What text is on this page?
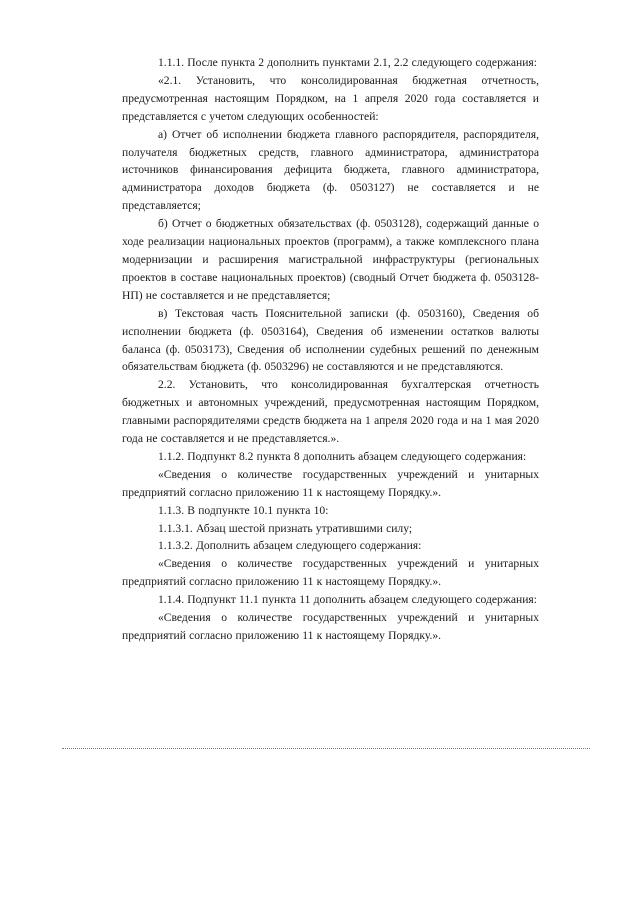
1.1.1. После пункта 2 дополнить пунктами 2.1, 2.2 следующего содержания:

«2.1. Установить, что консолидированная бюджетная отчетность, предусмотренная настоящим Порядком, на 1 апреля 2020 года составляется и представляется с учетом следующих особенностей:

а) Отчет об исполнении бюджета главного распорядителя, распорядителя, получателя бюджетных средств, главного администратора, администратора источников финансирования дефицита бюджета, главного администратора, администратора доходов бюджета (ф. 0503127) не составляется и не представляется;

б) Отчет о бюджетных обязательствах (ф. 0503128), содержащий данные о ходе реализации национальных проектов (программ), а также комплексного плана модернизации и расширения магистральной инфраструктуры (региональных проектов в составе национальных проектов) (сводный Отчет бюджета ф. 0503128-НП) не составляется и не представляется;

в) Текстовая часть Пояснительной записки (ф. 0503160), Сведения об исполнении бюджета (ф. 0503164), Сведения об изменении остатков валюты баланса (ф. 0503173), Сведения об исполнении судебных решений по денежным обязательствам бюджета (ф. 0503296) не составляются и не представляются.

2.2. Установить, что консолидированная бухгалтерская отчетность бюджетных и автономных учреждений, предусмотренная настоящим Порядком, главными распорядителями средств бюджета на 1 апреля 2020 года и на 1 мая 2020 года не составляется и не представляется.».

1.1.2. Подпункт 8.2 пункта 8 дополнить абзацем следующего содержания:

«Сведения о количестве государственных учреждений и унитарных предприятий согласно приложению 11 к настоящему Порядку.».

1.1.3. В подпункте 10.1 пункта 10:

1.1.3.1. Абзац шестой признать утратившими силу;

1.1.3.2. Дополнить абзацем следующего содержания:

«Сведения о количестве государственных учреждений и унитарных предприятий согласно приложению 11 к настоящему Порядку.».

1.1.4. Подпункт 11.1 пункта 11 дополнить абзацем следующего содержания:

«Сведения о количестве государственных учреждений и унитарных предприятий согласно приложению 11 к настоящему Порядку.».
